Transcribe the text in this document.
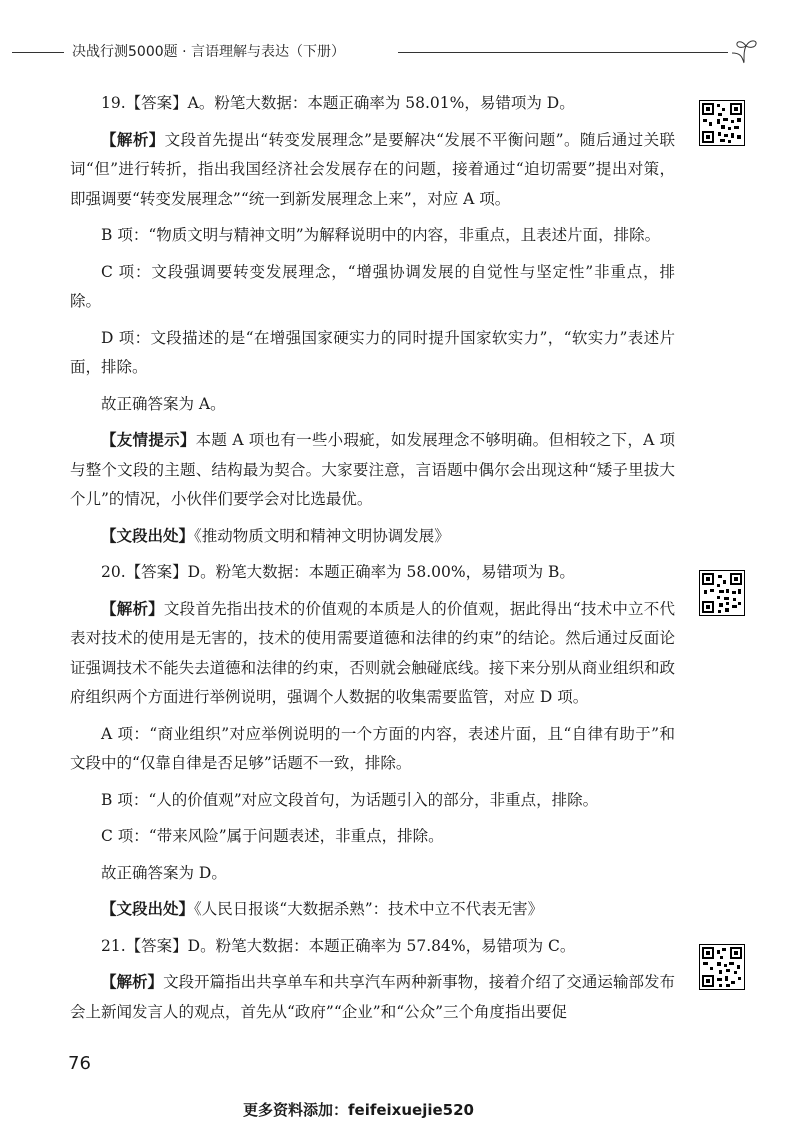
决战行测5000题 · 言语理解与表达（下册）

19.【答案】A。粉笔大数据：本题正确率为 58.01%，易错项为 D。

【解析】文段首先提出“转变发展理念”是要解决“发展不平衡问题”。随后通过关联词“但”进行转折，指出我国经济社会发展存在的问题，接着通过“迫切需要”提出对策，即强调要“转变发展理念”“统一到新发展理念上来”，对应 A 项。

B 项：“物质文明与精神文明”为解释说明中的内容，非重点，且表述片面，排除。

C 项：文段强调要转变发展理念，“增强协调发展的自觉性与坚定性”非重点，排除。

D 项：文段描述的是“在增强国家硬实力的同时提升国家软实力”，“软实力”表述片面，排除。

故正确答案为 A。

【友情提示】本题 A 项也有一些小瑕疵，如发展理念不够明确。但相较之下，A 项与整个文段的主题、结构最为契合。大家要注意，言语题中偶尔会出现这种“矮子里拔大个儿”的情况，小伙伴们要学会对比选最优。

【文段出处】《推动物质文明和精神文明协调发展》

20.【答案】D。粉笔大数据：本题正确率为 58.00%，易错项为 B。

【解析】文段首先指出技术的价值观的本质是人的价值观，据此得出“技术中立不代表对技术的使用是无害的，技术的使用需要道德和法律的约束”的结论。然后通过反面论证强调技术不能失去道德和法律的约束，否则就会触碰底线。接下来分别从商业组织和政府组织两个方面进行举例说明，强调个人数据的收集需要监管，对应 D 项。

A 项：“商业组织”对应举例说明的一个方面的内容，表述片面，且“自律有助于”和文段中的“仅靠自律是否足够”话题不一致，排除。

B 项：“人的价值观”对应文段首句，为话题引入的部分，非重点，排除。

C 项：“带来风险”属于问题表述，非重点，排除。

故正确答案为 D。

【文段出处】《人民日报谈“大数据杀熟”：技术中立不代表无害》

21.【答案】D。粉笔大数据：本题正确率为 57.84%，易错项为 C。

【解析】文段开篇指出共享单车和共享汽车两种新事物，接着介绍了交通运输部发布会上新闻发言人的观点，首先从“政府”“企业”和“公众”三个角度指出要促

76
更多资料添加：feifeixuejie520
